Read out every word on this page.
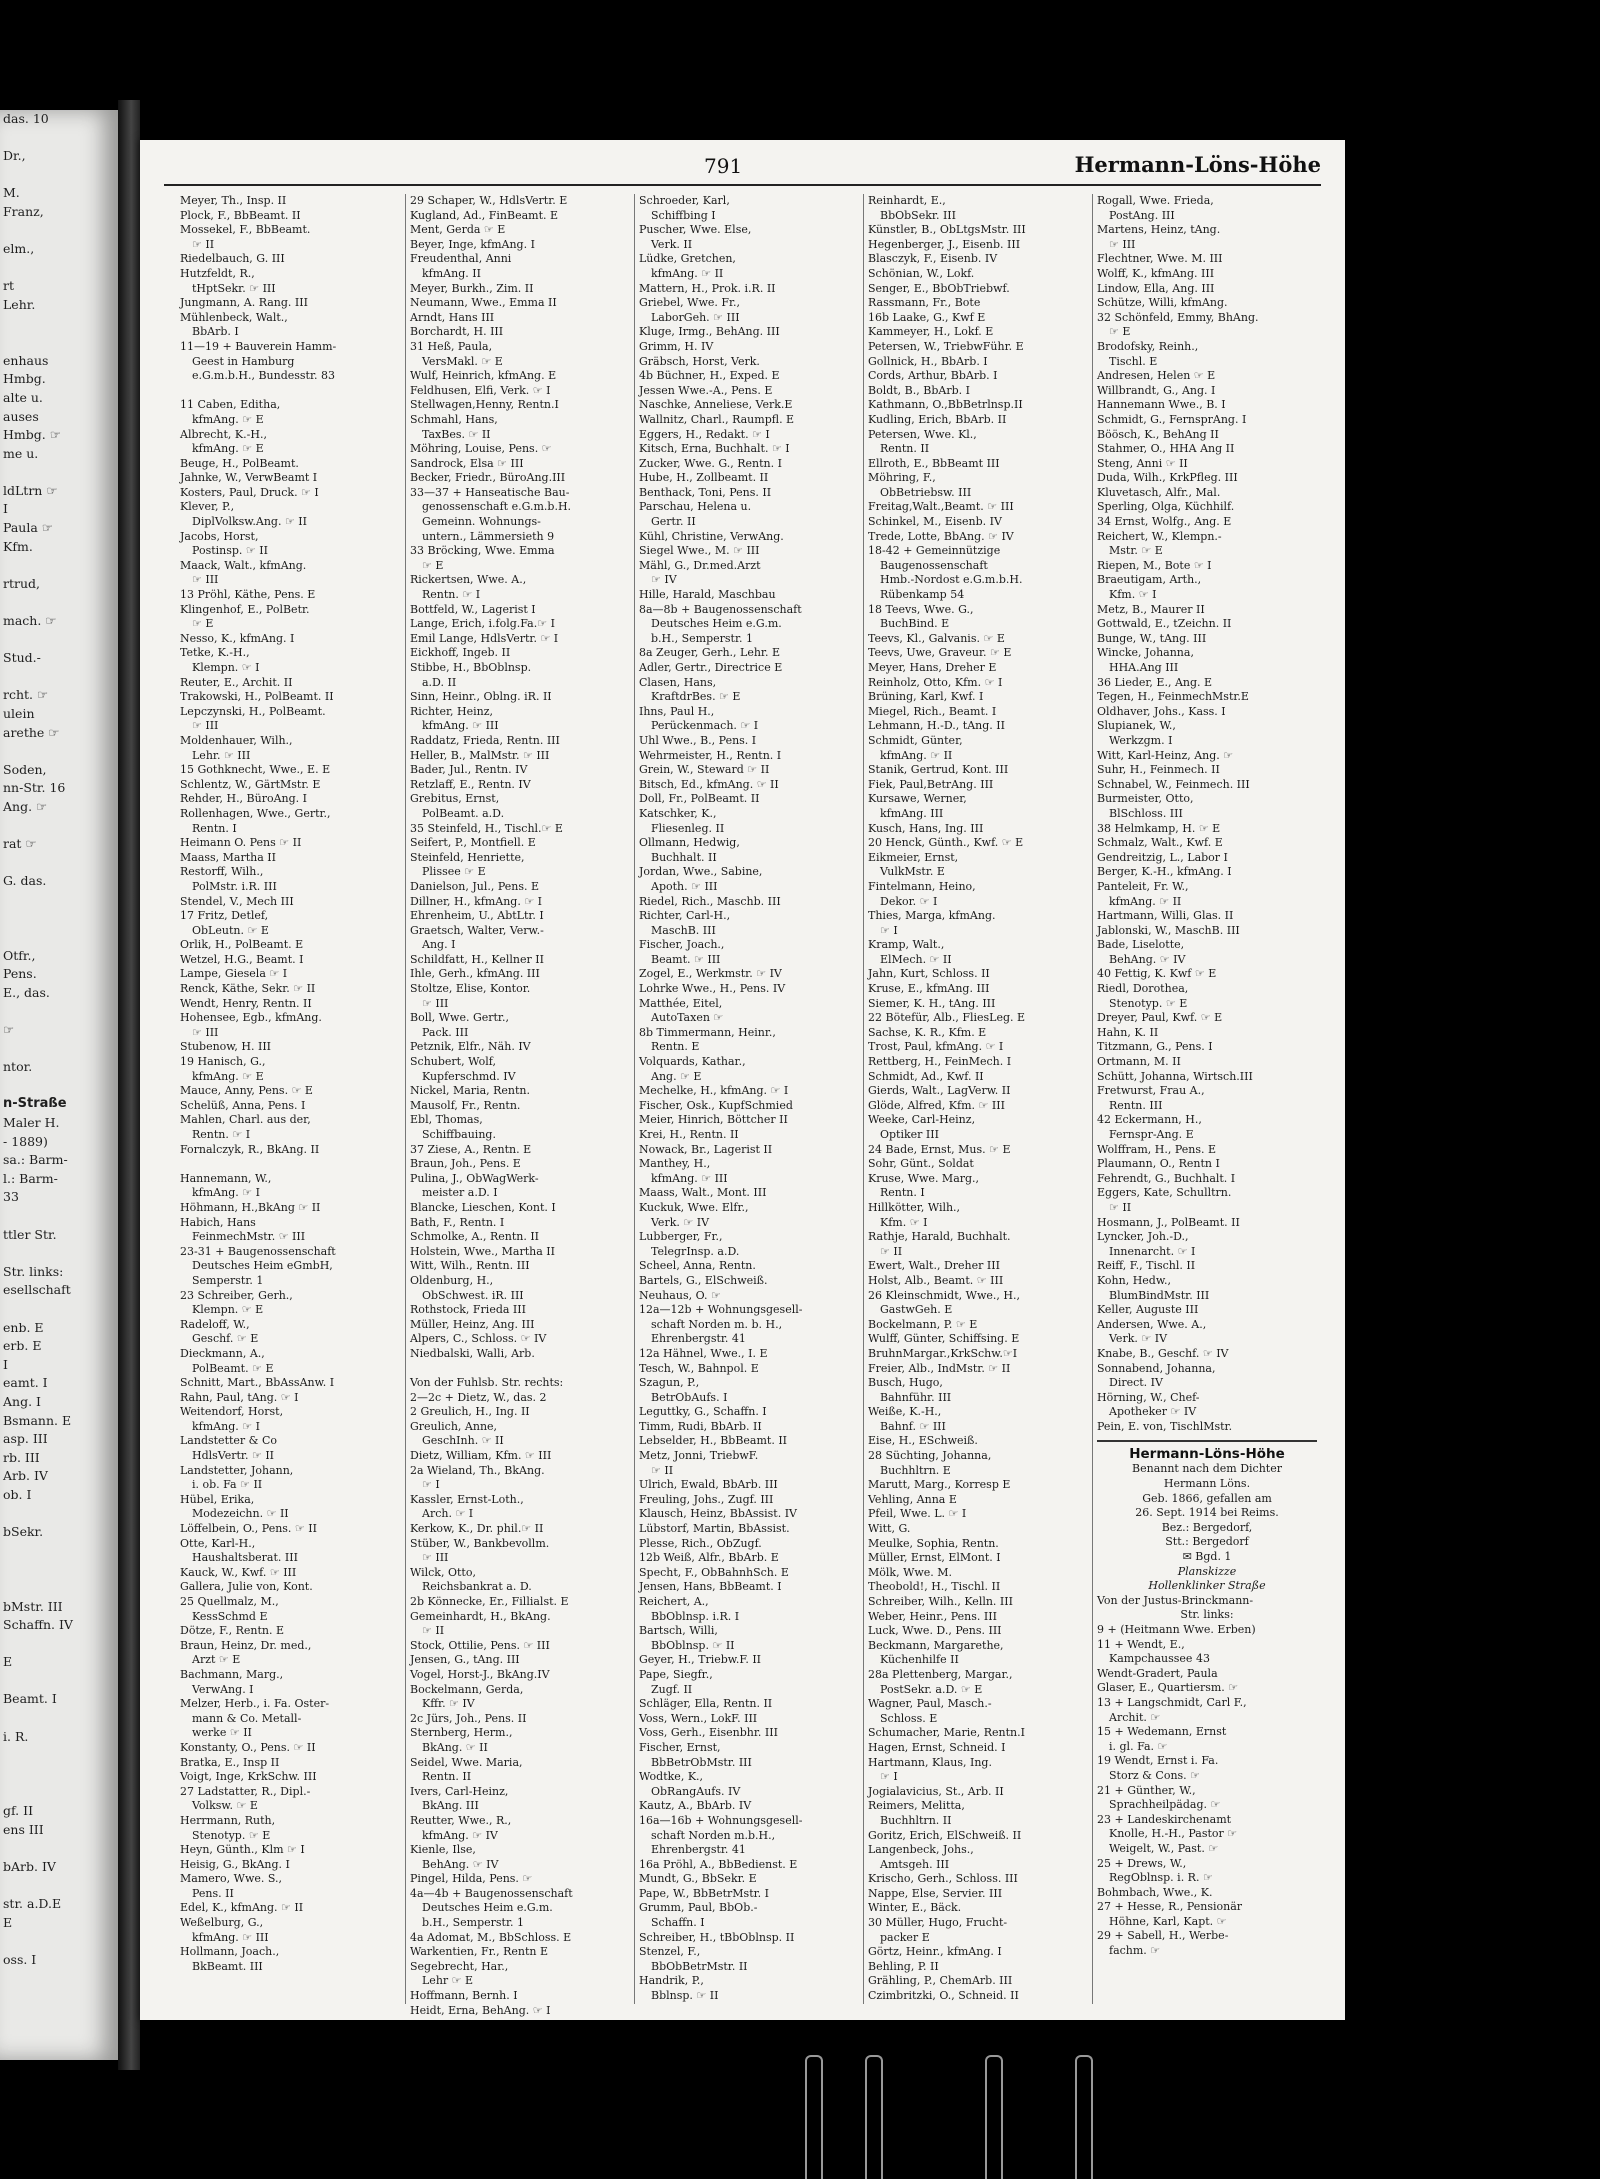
das. 10

Dr.,

M.
Franz,

elm.,

rt
Lehr.

enhaus
Hmbg.
alte u.
auses
Hmbg. ☞
me u.

ldLtrn ☞
I
Paula ☞
Kfm.

rtrud,

mach. ☞

Stud.-

rcht. ☞
ulein
arethe ☞

Soden,
nn-Str. 16
Ang. ☞

rat ☞

G. das.

Otfr.,
Pens.
E., das.

☞

ntor.

n-Straße
Maler H.
- 1889)
sa.: Barm-
l.: Barm-
33

ttler Str.

Str. links:
esellschaft

enb. E
erb. E
I
eamt. I
Ang. I
Bsmann. E
asp. III
rb. III
Arb. IV
ob. I

bSekr.

bMstr. III
Schaffn. IV

E

Beamt. I

i. R.

gf. II
ens III

bArb. IV

str. a.D.E
E

oss. I
791	Hermann-Löns-Höhe
Meyer, Th., Insp. II
Plock, F., BbBeamt. II
Mossekel, F., BbBeamt.
☞ II
Riedelbauch, G. III
Hutzfeldt, R.,
tHptSekr. ☞ III
Jungmann, A. Rang. III
Mühlenbeck, Walt.,
BbArb. I
11—19 + Bauverein Hamm-
Geest in Hamburg
e.G.m.b.H., Bundesstr. 83

11 Caben, Editha,
kfmAng. ☞ E
Albrecht, K.-H.,
kfmAng. ☞ E
Beuge, H., PolBeamt.
Jahnke, W., VerwBeamt I
Kosters, Paul, Druck. ☞ I
Klever, P.,
DiplVolksw.Ang. ☞ II
Jacobs, Horst,
Postinsp. ☞ II
Maack, Walt., kfmAng.
☞ III
13 Pröhl, Käthe, Pens. E
Klingenhof, E., PolBetr.
☞ E
Nesso, K., kfmAng. I
Tetke, K.-H.,
Klempn. ☞ I
Reuter, E., Archit. II
Trakowski, H., PolBeamt. II
Lepczynski, H., PolBeamt.
☞ III
Moldenhauer, Wilh.,
Lehr. ☞ III
15 Gothknecht, Wwe., E. E
Schlentz, W., GärtMstr. E
Rehder, H., BüroAng. I
Rollenhagen, Wwe., Gertr.,
Rentn. I
Heimann O. Pens ☞ II
Maass, Martha II
Restorff, Wilh.,
PolMstr. i.R. III
Stendel, V., Mech III
17 Fritz, Detlef,
ObLeutn. ☞ E
Orlik, H., PolBeamt. E
Wetzel, H.G., Beamt. I
Lampe, Giesela ☞ I
Renck, Käthe, Sekr. ☞ II
Wendt, Henry, Rentn. II
Hohensee, Egb., kfmAng.
☞ III
Stubenow, H. III
19 Hanisch, G.,
kfmAng. ☞ E
Mauce, Anny, Pens. ☞ E
Schelüß, Anna, Pens. I
Mahlen, Charl. aus der,
Rentn. ☞ I
Fornalczyk, R., BkAng. II

Hannemann, W.,
kfmAng. ☞ I
Höhmann, H.,BkAng ☞ II
Habich, Hans
FeinmechMstr. ☞ III
23-31 + Baugenossenschaft
Deutsches Heim eGmbH,
Semperstr. 1
23 Schreiber, Gerh.,
Klempn. ☞ E
Radeloff, W.,
Geschf. ☞ E
Dieckmann, A.,
PolBeamt. ☞ E
Schnitt, Mart., BbAssAnw. I
Rahn, Paul, tAng. ☞ I
Weitendorf, Horst,
kfmAng. ☞ I
Landstetter & Co
HdlsVertr. ☞ II
Landstetter, Johann,
i. ob. Fa ☞ II
Hübel, Erika,
Modezeichn. ☞ II
Löffelbein, O., Pens. ☞ II
Otte, Karl-H.,
Haushaltsberat. III
Kauck, W., Kwf. ☞ III
Gallera, Julie von, Kont.
25 Quellmalz, M.,
KessSchmd E
Dötze, F., Rentn. E
Braun, Heinz, Dr. med.,
Arzt ☞ E
Bachmann, Marg.,
VerwAng. I
Melzer, Herb., i. Fa. Oster-
mann & Co. Metall-
werke ☞ II
Konstanty, O., Pens. ☞ II
Bratka, E., Insp II
Voigt, Inge, KrkSchw. III
27 Ladstatter, R., Dipl.-
Volksw. ☞ E
Herrmann, Ruth,
Stenotyp. ☞ E
Heyn, Günth., Klm ☞ I
Heisig, G., BkAng. I
Mamero, Wwe. S.,
Pens. II
Edel, K., kfmAng. ☞ II
Weßelburg, G.,
kfmAng. ☞ III
Hollmann, Joach.,
BkBeamt. III
29 Schaper, W., HdlsVertr. E
Kugland, Ad., FinBeamt. E
Ment, Gerda ☞ E
Beyer, Inge, kfmAng. I
Freudenthal, Anni
kfmAng. II
Meyer, Burkh., Zim. II
Neumann, Wwe., Emma II
Arndt, Hans III
Borchardt, H. III
31 Heß, Paula,
VersMakl. ☞ E
Wulf, Heinrich, kfmAng. E
Feldhusen, Elfi, Verk. ☞ I
Stellwagen,Henny, Rentn.I
Schmahl, Hans,
TaxBes. ☞ II
Möhring, Louise, Pens. ☞
Sandrock, Elsa ☞ III
Becker, Friedr., BüroAng.III
33—37 + Hanseatische Bau-
genossenschaft e.G.m.b.H.
Gemeinn. Wohnungs-
untern., Lämmersieth 9
33 Bröcking, Wwe. Emma
☞ E
Rickertsen, Wwe. A.,
Rentn. ☞ I
Bottfeld, W., Lagerist I
Lange, Erich, i.folg.Fa.☞ I
Emil Lange, HdlsVertr. ☞ I
Eickhoff, Ingeb. II
Stibbe, H., BbOblnsp.
a.D. II
Sinn, Heinr., Oblng. iR. II
Richter, Heinz,
kfmAng. ☞ III
Raddatz, Frieda, Rentn. III
Heller, B., MalMstr. ☞ III
Bader, Jul., Rentn. IV
Retzlaff, E., Rentn. IV
Grebitus, Ernst,
PolBeamt. a.D.
35 Steinfeld, H., Tischl.☞ E
Seifert, P., Montfiell. E
Steinfeld, Henriette,
Plissee ☞ E
Danielson, Jul., Pens. E
Dillner, H., kfmAng. ☞ I
Ehrenheim, U., AbtLtr. I
Graetsch, Walter, Verw.-
Ang. I
Schildfatt, H., Kellner II
Ihle, Gerh., kfmAng. III
Stoltze, Elise, Kontor.
☞ III
Boll, Wwe. Gertr.,
Pack. III
Petznik, Elfr., Näh. IV
Schubert, Wolf,
Kupferschmd. IV
Nickel, Maria, Rentn.
Mausolf, Fr., Rentn.
Ebl, Thomas,
Schiffbauing.
37 Ziese, A., Rentn. E
Braun, Joh., Pens. E
Pulina, J., ObWagWerk-
meister a.D. I
Blancke, Lieschen, Kont. I
Bath, F., Rentn. I
Schmolke, A., Rentn. II
Holstein, Wwe., Martha II
Witt, Wilh., Rentn. III
Oldenburg, H.,
ObSchwest. iR. III
Rothstock, Frieda III
Müller, Heinz, Ang. III
Alpers, C., Schloss. ☞ IV
Niedbalski, Walli, Arb.

Von der Fuhlsb. Str. rechts:
2—2c + Dietz, W., das. 2
2 Greulich, H., Ing. II
Greulich, Anne,
GeschInh. ☞ II
Dietz, William, Kfm. ☞ III
2a Wieland, Th., BkAng.
☞ I
Kassler, Ernst-Loth.,
Arch. ☞ I
Kerkow, K., Dr. phil.☞ II
Stüber, W., Bankbevollm.
☞ III
Wilck, Otto,
Reichsbankrat a. D.
2b Könnecke, Er., Fillialst. E
Gemeinhardt, H., BkAng.
☞ II
Stock, Ottilie, Pens. ☞ III
Jensen, G., tAng. III
Vogel, Horst-J., BkAng.IV
Bockelmann, Gerda,
Kffr. ☞ IV
2c Jürs, Joh., Pens. II
Sternberg, Herm.,
BkAng. ☞ II
Seidel, Wwe. Maria,
Rentn. II
Ivers, Carl-Heinz,
BkAng. III
Reutter, Wwe., R.,
kfmAng. ☞ IV
Kienle, Ilse,
BehAng. ☞ IV
Pingel, Hilda, Pens. ☞
4a—4b + Baugenossenschaft
Deutsches Heim e.G.m.
b.H., Semperstr. 1
4a Adomat, M., BbSchloss. E
Warkentien, Fr., Rentn E
Segebrecht, Har.,
Lehr ☞ E
Hoffmann, Bernh. I
Heidt, Erna, BehAng. ☞ I
Schroeder, Karl,
Schiffbing I
Puscher, Wwe. Else,
Verk. II
Lüdke, Gretchen,
kfmAng. ☞ II
Mattern, H., Prok. i.R. II
Griebel, Wwe. Fr.,
LaborGeh. ☞ III
Kluge, Irmg., BehAng. III
Grimm, H. IV
Gräbsch, Horst, Verk.
4b Büchner, H., Exped. E
Jessen Wwe.-A., Pens. E
Naschke, Anneliese, Verk.E
Wallnitz, Charl., Raumpfl. E
Eggers, H., Redakt. ☞ I
Kitsch, Erna, Buchhalt. ☞ I
Zucker, Wwe. G., Rentn. I
Hube, H., Zollbeamt. II
Benthack, Toni, Pens. II
Parschau, Helena u.
Gertr. II
Kühl, Christine, VerwAng.
Siegel Wwe., M. ☞ III
Mähl, G., Dr.med.Arzt
☞ IV
Hille, Harald, Maschbau
8a—8b + Baugenossenschaft
Deutsches Heim e.G.m.
b.H., Semperstr. 1
8a Zeuger, Gerh., Lehr. E
Adler, Gertr., Directrice E
Clasen, Hans,
KraftdrBes. ☞ E
Ihns, Paul H.,
Perückenmach. ☞ I
Uhl Wwe., B., Pens. I
Wehrmeister, H., Rentn. I
Grein, W., Steward ☞ II
Bitsch, Ed., kfmAng. ☞ II
Doll, Fr., PolBeamt. II
Katschker, K.,
Fliesenleg. II
Ollmann, Hedwig,
Buchhalt. II
Jordan, Wwe., Sabine,
Apoth. ☞ III
Riedel, Rich., Maschb. III
Richter, Carl-H.,
MaschB. III
Fischer, Joach.,
Beamt. ☞ III
Zogel, E., Werkmstr. ☞ IV
Lohrke Wwe., H., Pens. IV
Matthée, Eitel,
AutoTaxen ☞
8b Timmermann, Heinr.,
Rentn. E
Volquards, Kathar.,
Ang. ☞ E
Mechelke, H., kfmAng. ☞ I
Fischer, Osk., KupfSchmied
Meier, Hinrich, Böttcher II
Krei, H., Rentn. II
Nowack, Br., Lagerist II
Manthey, H.,
kfmAng. ☞ III
Maass, Walt., Mont. III
Kuckuk, Wwe. Elfr.,
Verk. ☞ IV
Lubberger, Fr.,
TelegrInsp. a.D.
Scheel, Anna, Rentn.
Bartels, G., ElSchweiß.
Neuhaus, O. ☞
12a—12b + Wohnungsgesell-
schaft Norden m. b. H.,
Ehrenbergstr. 41
12a Hähnel, Wwe., I. E
Tesch, W., Bahnpol. E
Szagun, P.,
BetrObAufs. I
Leguttky, G., Schaffn. I
Timm, Rudi, BbArb. II
Lebselder, H., BbBeamt. II
Metz, Jonni, TriebwF.
☞ II
Ulrich, Ewald, BbArb. III
Freuling, Johs., Zugf. III
Klausch, Heinz, BbAssist. IV
Lübstorf, Martin, BbAssist.
Plesse, Rich., ObZugf.
12b Weiß, Alfr., BbArb. E
Specht, F., ObBahnhSch. E
Jensen, Hans, BbBeamt. I
Reichert, A.,
BbOblnsp. i.R. I
Bartsch, Willi,
BbOblnsp. ☞ II
Geyer, H., Triebw.F. II
Pape, Siegfr.,
Zugf. II
Schläger, Ella, Rentn. II
Voss, Wern., LokF. III
Voss, Gerh., Eisenbhr. III
Fischer, Ernst,
BbBetrObMstr. III
Wodtke, K.,
ObRangAufs. IV
Kautz, A., BbArb. IV
16a—16b + Wohnungsgesell-
schaft Norden m.b.H.,
Ehrenbergstr. 41
16a Pröhl, A., BbBedienst. E
Mundt, G., BbSekr. E
Pape, W., BbBetrMstr. I
Grumm, Paul, BbOb.-
Schaffn. I
Schreiber, H., tBbOblnsp. II
Stenzel, F.,
BbObBetrMstr. II
Handrik, P.,
Bblnsp. ☞ II
Reinhardt, E.,
BbObSekr. III
Künstler, B., ObLtgsMstr. III
Hegenberger, J., Eisenb. III
Blasczyk, F., Eisenb. IV
Schönian, W., Lokf.
Senger, E., BbObTriebwf.
Rassmann, Fr., Bote
16b Laake, G., Kwf E
Kammeyer, H., Lokf. E
Petersen, W., TriebwFühr. E
Gollnick, H., BbArb. I
Cords, Arthur, BbArb. I
Boldt, B., BbArb. I
Kathmann, O.,BbBetrlnsp.II
Kudling, Erich, BbArb. II
Petersen, Wwe. Kl.,
Rentn. II
Ellroth, E., BbBeamt III
Möhring, F.,
ObBetriebsw. III
Freitag,Walt.,Beamt. ☞ III
Schinkel, M., Eisenb. IV
Trede, Lotte, BbAng. ☞ IV
18-42 + Gemeinnützige
Baugenossenschaft
Hmb.-Nordost e.G.m.b.H.
Rübenkamp 54
18 Teevs, Wwe. G.,
BuchBind. E
Teevs, Kl., Galvanis. ☞ E
Teevs, Uwe, Graveur. ☞ E
Meyer, Hans, Dreher E
Reinholz, Otto, Kfm. ☞ I
Brüning, Karl, Kwf. I
Miegel, Rich., Beamt. I
Lehmann, H.-D., tAng. II
Schmidt, Günter,
kfmAng. ☞ II
Stanik, Gertrud, Kont. III
Fiek, Paul,BetrAng. III
Kursawe, Werner,
kfmAng. III
Kusch, Hans, Ing. III
20 Henck, Günth., Kwf. ☞ E
Eikmeier, Ernst,
VulkMstr. E
Fintelmann, Heino,
Dekor. ☞ I
Thies, Marga, kfmAng.
☞ I
Kramp, Walt.,
ElMech. ☞ II
Jahn, Kurt, Schloss. II
Kruse, E., kfmAng. III
Siemer, K. H., tAng. III
22 Bötefür, Alb., FliesLeg. E
Sachse, K. R., Kfm. E
Trost, Paul, kfmAng. ☞ I
Rettberg, H., FeinMech. I
Schmidt, Ad., Kwf. II
Gierds, Walt., LagVerw. II
Glöde, Alfred, Kfm. ☞ III
Weeke, Carl-Heinz,
Optiker III
24 Bade, Ernst, Mus. ☞ E
Sohr, Günt., Soldat
Kruse, Wwe. Marg.,
Rentn. I
Hillkötter, Wilh.,
Kfm. ☞ I
Rathje, Harald, Buchhalt.
☞ II
Ewert, Walt., Dreher III
Holst, Alb., Beamt. ☞ III
26 Kleinschmidt, Wwe., H.,
GastwGeh. E
Bockelmann, P. ☞ E
Wulff, Günter, Schiffsing. E
BruhnMargar.,KrkSchw.☞I
Freier, Alb., IndMstr. ☞ II
Busch, Hugo,
Bahnführ. III
Weiße, K.-H.,
Bahnf. ☞ III
Eise, H., ESchweiß.
28 Süchting, Johanna,
Buchhltrn. E
Marutt, Marg., Korresp E
Vehling, Anna E
Pfeil, Wwe. L. ☞ I
Witt, G.
Meulke, Sophia, Rentn.
Müller, Ernst, ElMont. I
Mölk, Wwe. M.
Theobold!, H., Tischl. II
Schreiber, Wilh., Kelln. III
Weber, Heinr., Pens. III
Luck, Wwe. D., Pens. III
Beckmann, Margarethe,
Küchenhilfe II
28a Plettenberg, Margar.,
PostSekr. a.D. ☞ E
Wagner, Paul, Masch.-
Schloss. E
Schumacher, Marie, Rentn.I
Hagen, Ernst, Schneid. I
Hartmann, Klaus, Ing.
☞ I
Jogialavicius, St., Arb. II
Reimers, Melitta,
Buchhltrn. II
Goritz, Erich, ElSchweiß. II
Langenbeck, Johs.,
Amtsgeh. III
Krischo, Gerh., Schloss. III
Nappe, Else, Servier. III
Winter, E., Bäck.
30 Müller, Hugo, Frucht-
packer E
Görtz, Heinr., kfmAng. I
Behling, P. II
Grähling, P., ChemArb. III
Czimbritzki, O., Schneid. II
Rogall, Wwe. Frieda,
PostAng. III
Martens, Heinz, tAng.
☞ III
Flechtner, Wwe. M. III
Wolff, K., kfmAng. III
Lindow, Ella, Ang. III
Schütze, Willi, kfmAng.
32 Schönfeld, Emmy, BhAng.
☞ E
Brodofsky, Reinh.,
Tischl. E
Andresen, Helen ☞ E
Willbrandt, G., Ang. I
Hannemann Wwe., B. I
Schmidt, G., FernsprAng. I
Böösch, K., BehAng II
Stahmer, O., HHA Ang II
Steng, Anni ☞ II
Duda, Wilh., KrkPfleg. III
Kluvetasch, Alfr., Mal.
Sperling, Olga, Küchhilf.
34 Ernst, Wolfg., Ang. E
Reichert, W., Klempn.-
Mstr. ☞ E
Riepen, M., Bote ☞ I
Braeutigam, Arth.,
Kfm. ☞ I
Metz, B., Maurer II
Gottwald, E., tZeichn. II
Bunge, W., tAng. III
Wincke, Johanna,
HHA.Ang III
36 Lieder, E., Ang. E
Tegen, H., FeinmechMstr.E
Oldhaver, Johs., Kass. I
Slupianek, W.,
Werkzgm. I
Witt, Karl-Heinz, Ang. ☞
Suhr, H., Feinmech. II
Schnabel, W., Feinmech. III
Burmeister, Otto,
BlSchloss. III
38 Helmkamp, H. ☞ E
Schmalz, Walt., Kwf. E
Gendreitzig, L., Labor I
Berger, K.-H., kfmAng. I
Panteleit, Fr. W.,
kfmAng. ☞ II
Hartmann, Willi, Glas. II
Jablonski, W., MaschB. III
Bade, Liselotte,
BehAng. ☞ IV
40 Fettig, K. Kwf ☞ E
Riedl, Dorothea,
Stenotyp. ☞ E
Dreyer, Paul, Kwf. ☞ E
Hahn, K. II
Titzmann, G., Pens. I
Ortmann, M. II
Schütt, Johanna, Wirtsch.III
Fretwurst, Frau A.,
Rentn. III
42 Eckermann, H.,
Fernspr-Ang. E
Wolffram, H., Pens. E
Plaumann, O., Rentn I
Fehrendt, G., Buchhalt. I
Eggers, Kate, Schulltrn.
☞ II
Hosmann, J., PolBeamt. II
Lyncker, Joh.-D.,
Innenarcht. ☞ I
Reiff, F., Tischl. II
Kohn, Hedw.,
BlumBindMstr. III
Keller, Auguste III
Andersen, Wwe. A.,
Verk. ☞ IV
Knabe, B., Geschf. ☞ IV
Sonnabend, Johanna,
Direct. IV
Hörning, W., Chef-
Apotheker ☞ IV
Pein, E. von, TischlMstr.
Hermann-Löns-Höhe
Benannt nach dem Dichter
Hermann Löns.
Geb. 1866, gefallen am
26. Sept. 1914 bei Reims.
Bez.: Bergedorf,
Stt.: Bergedorf
✉ Bgd. 1
Planskizze
Hollenklinker Straße
Von der Justus-Brinckmann-
Str. links:
9 + (Heitmann Wwe. Erben)
11 + Wendt, E.,
Kampchaussee 43
Wendt-Gradert, Paula
Glaser, E., Quartiersm. ☞
13 + Langschmidt, Carl F.,
Archit. ☞
15 + Wedemann, Ernst
i. gl. Fa. ☞
19 Wendt, Ernst i. Fa.
Storz & Cons. ☞
21 + Günther, W.,
Sprachheilpädag. ☞
23 + Landeskirchenamt
Knolle, H.-H., Pastor ☞
Weigelt, W., Past. ☞
25 + Drews, W.,
RegOblnsp. i. R. ☞
Bohmbach, Wwe., K.
27 + Hesse, R., Pensionär
Höhne, Karl, Kapt. ☞
29 + Sabell, H., Werbe-
fachm. ☞
